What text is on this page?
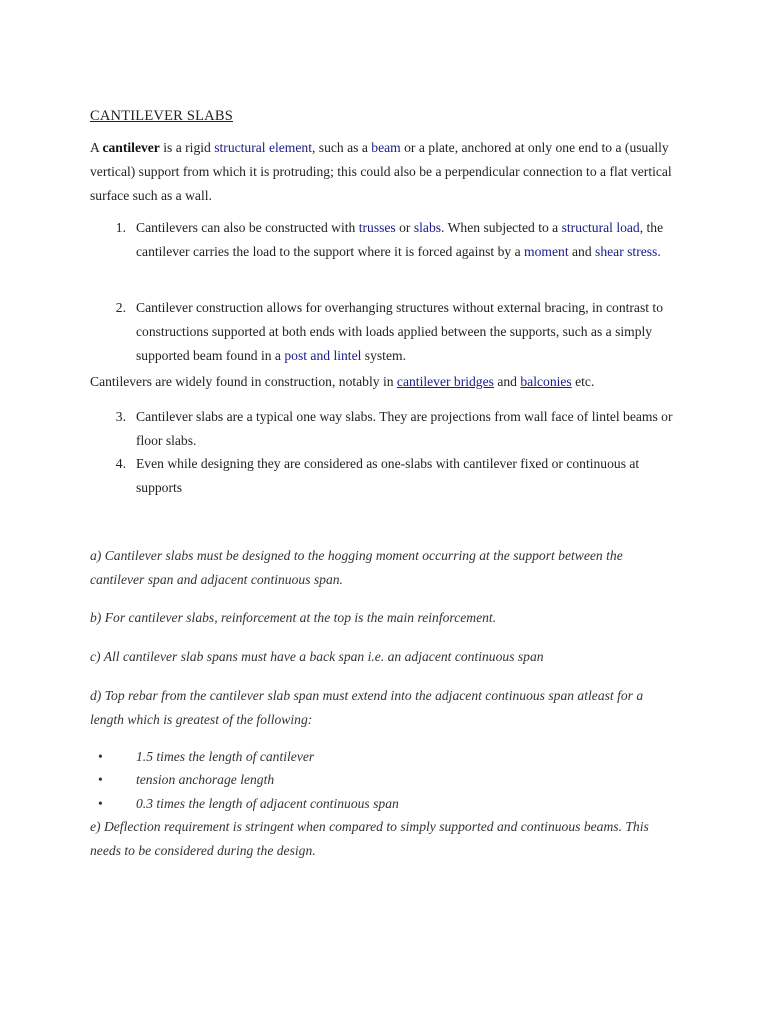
CANTILEVER SLABS
A cantilever is a rigid structural element, such as a beam or a plate, anchored at only one end to a (usually vertical) support from which it is protruding; this could also be a perpendicular connection to a flat vertical surface such as a wall.
1. Cantilevers can also be constructed with trusses or slabs. When subjected to a structural load, the cantilever carries the load to the support where it is forced against by a moment and shear stress.
2. Cantilever construction allows for overhanging structures without external bracing, in contrast to constructions supported at both ends with loads applied between the supports, such as a simply supported beam found in a post and lintel system.
Cantilevers are widely found in construction, notably in cantilever bridges and balconies etc.
3. Cantilever slabs are a typical one way slabs. They are projections from wall face of lintel beams or floor slabs.
4. Even while designing they are considered as one-slabs with cantilever fixed or continuous at supports
a) Cantilever slabs must be designed to the hogging moment occurring at the support between the cantilever span and adjacent continuous span.
b) For cantilever slabs, reinforcement at the top is the main reinforcement.
c) All cantilever slab spans must have a back span i.e. an adjacent continuous span
d) Top rebar from the cantilever slab span must extend into the adjacent continuous span atleast for a length which is greatest of the following:
• 1.5 times the length of cantilever
• tension anchorage length
• 0.3 times the length of adjacent continuous span
e) Deflection requirement is stringent when compared to simply supported and continuous beams. This needs to be considered during the design.
